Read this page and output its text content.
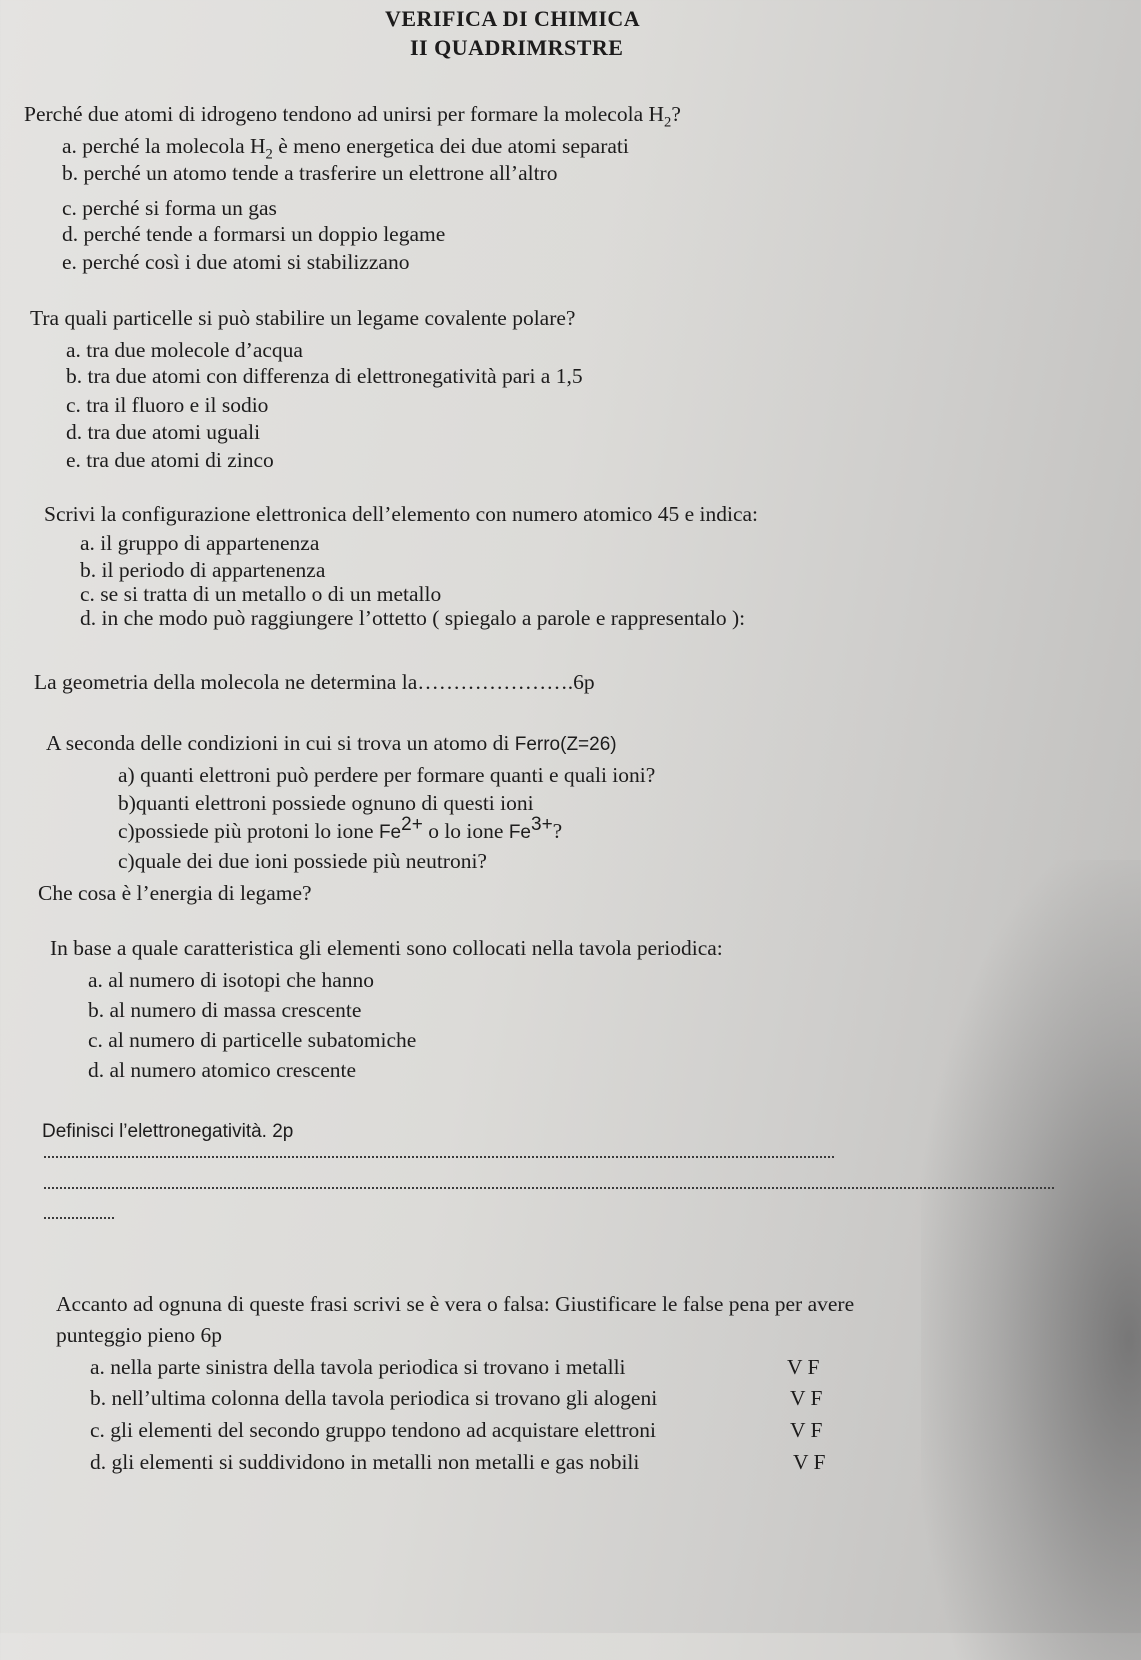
VERIFICA DI CHIMICA
II QUADRIMRSTRE
Perché due atomi di idrogeno tendono ad unirsi per formare la molecola $H_2$?
a. perché la molecola $H_2$ è meno energetica dei due atomi separati
b. perché un atomo tende a trasferire un elettrone all’altro
c. perché si forma un gas
d. perché tende a formarsi un doppio legame
e. perché così i due atomi si stabilizzano
Tra quali particelle si può stabilire un legame covalente polare?
a. tra due molecole d’acqua
b. tra due atomi con differenza di elettronegatività pari a 1,5
c. tra il fluoro e il sodio
d. tra due atomi uguali
e. tra due atomi di zinco
Scrivi la configurazione elettronica dell’elemento con numero atomico 45 e indica:
a. il gruppo di appartenenza
b. il periodo di appartenenza
c. se si tratta di un metallo o di un metallo
d. in che modo può raggiungere l’ottetto ( spiegalo a parole e rappresentalo ):
La geometria della molecola ne determina la………………….6p
A seconda delle condizioni in cui si trova un atomo di Ferro(Z=26)
a) quanti elettroni può perdere per formare quanti e quali ioni?
b)quanti elettroni possiede ognuno di questi ioni
c)possiede più protoni lo ione $Fe^{2+}$ o lo ione $Fe^{3+}$?
c)quale dei due ioni possiede più neutroni?
Che cosa è l’energia di legame?
In base a quale caratteristica gli elementi sono collocati nella tavola periodica:
a. al numero di isotopi che hanno
b. al numero di massa crescente
c. al numero di particelle subatomiche
d. al numero atomico crescente
Definisci l’elettronegatività. 2p
Accanto ad ognuna di queste frasi scrivi se è vera o falsa: Giustificare le false pena per avere
punteggio pieno 6p
a. nella parte sinistra della tavola periodica si trovano i metalli	V F
b. nell’ultima colonna della tavola periodica si trovano gli alogeni	V F
c. gli elementi del secondo gruppo tendono ad acquistare elettroni	V F
d. gli elementi si suddividono in metalli non metalli e gas nobili	V F
